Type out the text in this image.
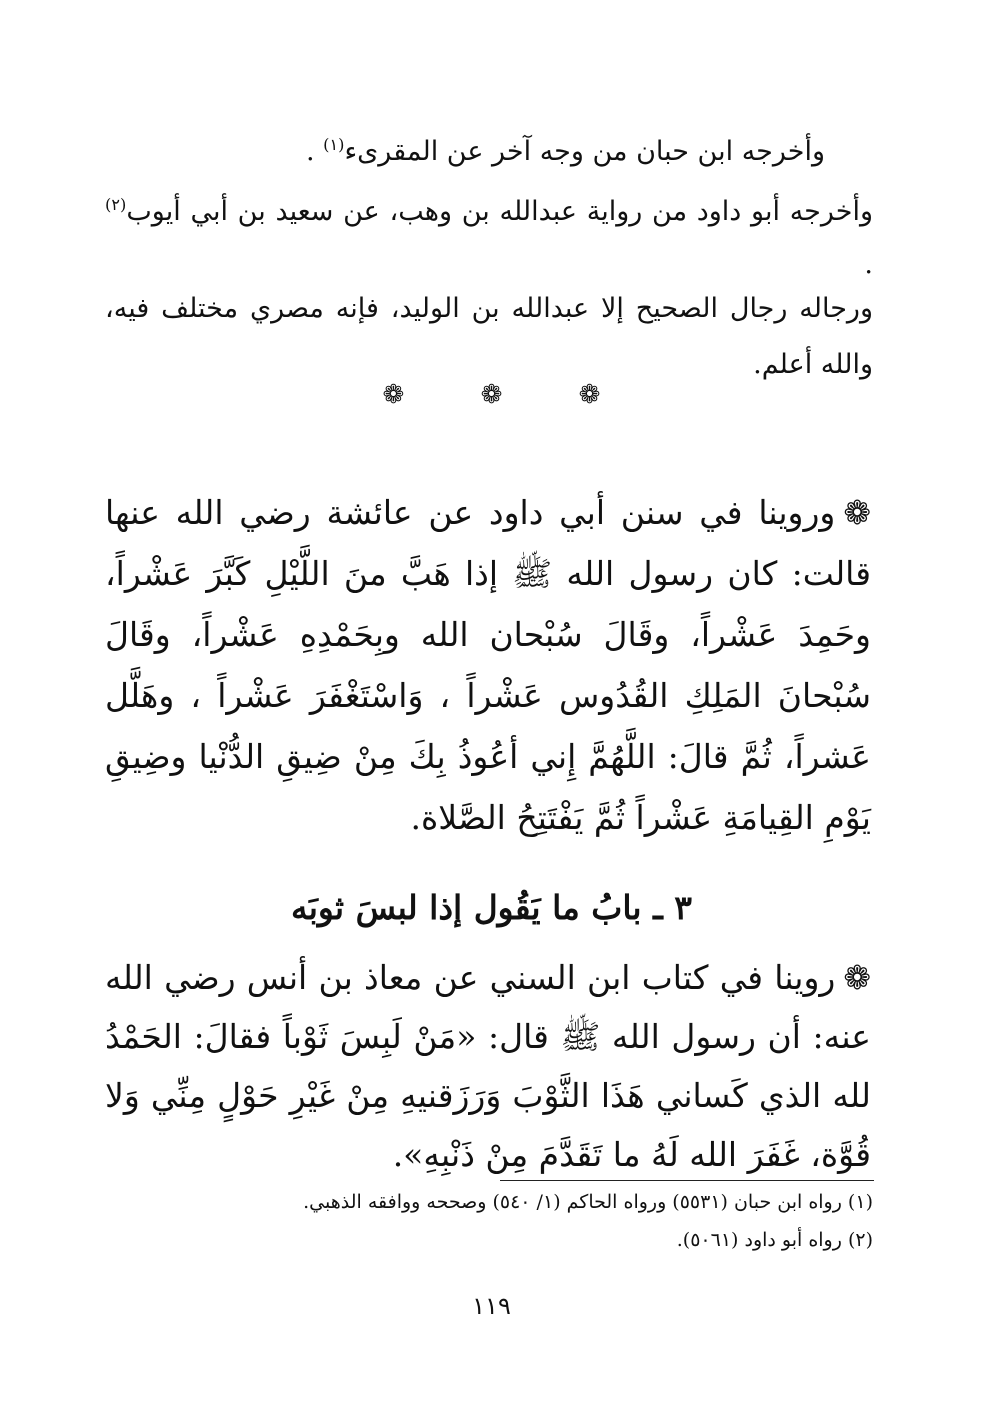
وأخرجه ابن حبان من وجه آخر عن المقرىء$^{(١)}$ .
وأخرجه أبو داود من رواية عبدالله بن وهب، عن سعيد بن أبي أيوب$^{(٢)}$ .
ورجاله رجال الصحيح إلا عبدالله بن الوليد، فإنه مصري مختلف فيه، والله أعلم.
❁	❁	❁
❁وروينا في سنن أبي داود عن عائشة رضي الله عنها قالت: كان رسول الله ﷺ إذا هَبَّ منَ اللَّيْلِ كَبَّرَ عَشْراً، وحَمِدَ عَشْراً، وقَالَ سُبْحان الله وبِحَمْدِهِ عَشْراً، وقَالَ سُبْحانَ المَلِكِ القُدُوس عَشْراً ، وَاسْتَغْفَرَ عَشْراً ، وهَلَّل عَشراً، ثُمَّ قالَ: اللَّهُمَّ إِني أعُوذُ بِكَ مِنْ ضِيقِ الدُّنْيا وضِيقِ يَوْمِ القِيامَةِ عَشْراً ثُمَّ يَفْتَتِحُ الصَّلاة.
٣ ـ بابُ ما يَقُول إذا لبسَ ثوبَه
❁روينا في كتاب ابن السني عن معاذ بن أنس رضي الله عنه: أن رسول الله ﷺ قال: «مَنْ لَبِسَ ثَوْباً فقالَ: الحَمْدُ لله الذي كَساني هَذَا الثَّوْبَ وَرَزَقنيهِ مِنْ غَيْرِ حَوْلٍ مِنِّي وَلا قُوَّة، غَفَرَ الله لَهُ ما تَقَدَّمَ مِنْ ذَنْبِهِ».
(١) رواه ابن حبان (٥٥٣١) ورواه الحاكم (١/ ٥٤٠) وصححه ووافقه الذهبي.
(٢) رواه أبو داود (٥٠٦١).
١١٩
